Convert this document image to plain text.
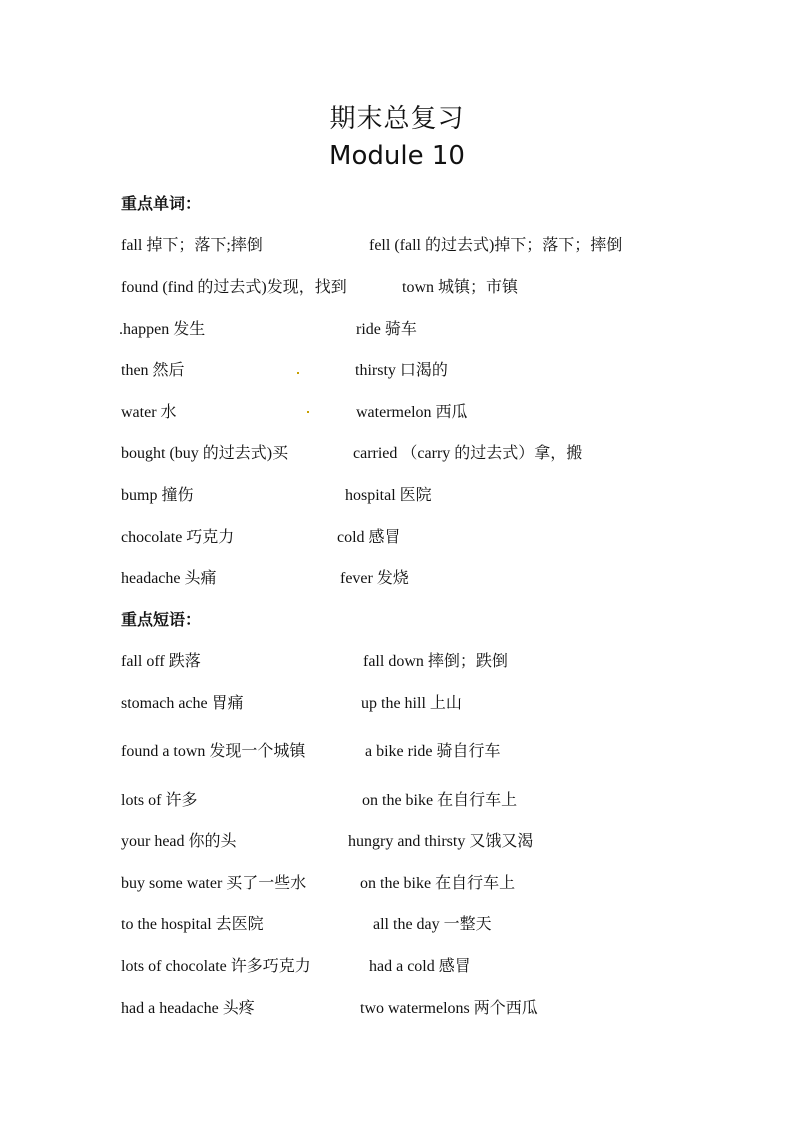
期末总复习
Module 10
重点单词：
fall 掉下；落下;摔倒	fell (fall 的过去式)掉下；落下；摔倒
found (find 的过去式)发现，找到	town 城镇；市镇
.happen 发生	ride 骑车
then 然后	thirsty 口渴的
water 水	watermelon 西瓜
bought (buy 的过去式)买	carried （carry 的过去式）拿，搬
bump 撞伤	hospital 医院
chocolate 巧克力	cold 感冒
headache 头痛	fever 发烧
重点短语：
fall off 跌落	fall down 摔倒；跌倒
stomach ache 胃痛	up the hill 上山
found a town 发现一个城镇	a bike ride 骑自行车
lots of 许多	on the bike 在自行车上
your head 你的头	hungry and thirsty 又饿又渴
buy some water 买了一些水	on the bike 在自行车上
to the hospital 去医院	all the day 一整天
lots of chocolate 许多巧克力	had a cold 感冒
had a headache 头疼	two watermelons 两个西瓜
